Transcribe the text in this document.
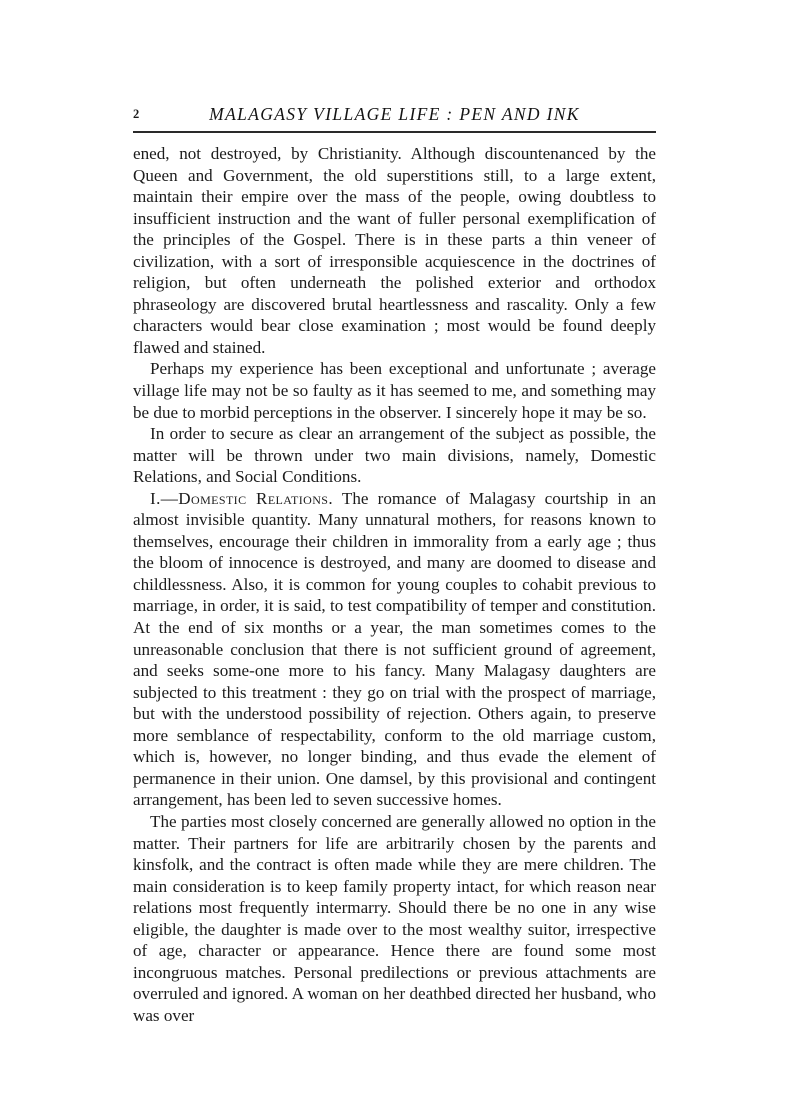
2	MALAGASY VILLAGE LIFE : PEN AND INK

ened, not destroyed, by Christianity. Although discountenanced by the Queen and Government, the old superstitions still, to a large extent, maintain their empire over the mass of the people, owing doubtless to insufficient instruction and the want of fuller personal exemplification of the principles of the Gospel. There is in these parts a thin veneer of civilization, with a sort of irresponsible acquiescence in the doctrines of religion, but often underneath the polished exterior and orthodox phraseology are discovered brutal heartlessness and rascality. Only a few characters would bear close examination ; most would be found deeply flawed and stained.

Perhaps my experience has been exceptional and unfortunate ; average village life may not be so faulty as it has seemed to me, and something may be due to morbid perceptions in the observer. I sincerely hope it may be so.

In order to secure as clear an arrangement of the subject as possible, the matter will be thrown under two main divisions, namely, Domestic Relations, and Social Conditions.

I.—Domestic Relations. The romance of Malagasy courtship in an almost invisible quantity. Many unnatural mothers, for reasons known to themselves, encourage their children in immorality from a early age ; thus the bloom of innocence is destroyed, and many are doomed to disease and childlessness. Also, it is common for young couples to cohabit previous to marriage, in order, it is said, to test compatibility of temper and constitution. At the end of six months or a year, the man sometimes comes to the unreasonable conclusion that there is not sufficient ground of agreement, and seeks some-one more to his fancy. Many Malagasy daughters are subjected to this treatment : they go on trial with the prospect of marriage, but with the understood possibility of rejection. Others again, to preserve more semblance of respectability, conform to the old marriage custom, which is, however, no longer binding, and thus evade the element of permanence in their union. One damsel, by this provisional and contingent arrangement, has been led to seven successive homes.

The parties most closely concerned are generally allowed no option in the matter. Their partners for life are arbitrarily chosen by the parents and kinsfolk, and the contract is often made while they are mere children. The main consideration is to keep family property intact, for which reason near relations most frequently intermarry. Should there be no one in any wise eligible, the daughter is made over to the most wealthy suitor, irrespective of age, character or appearance. Hence there are found some most incongruous matches. Personal predilections or previous attachments are overruled and ignored. A woman on her deathbed directed her husband, who was over
